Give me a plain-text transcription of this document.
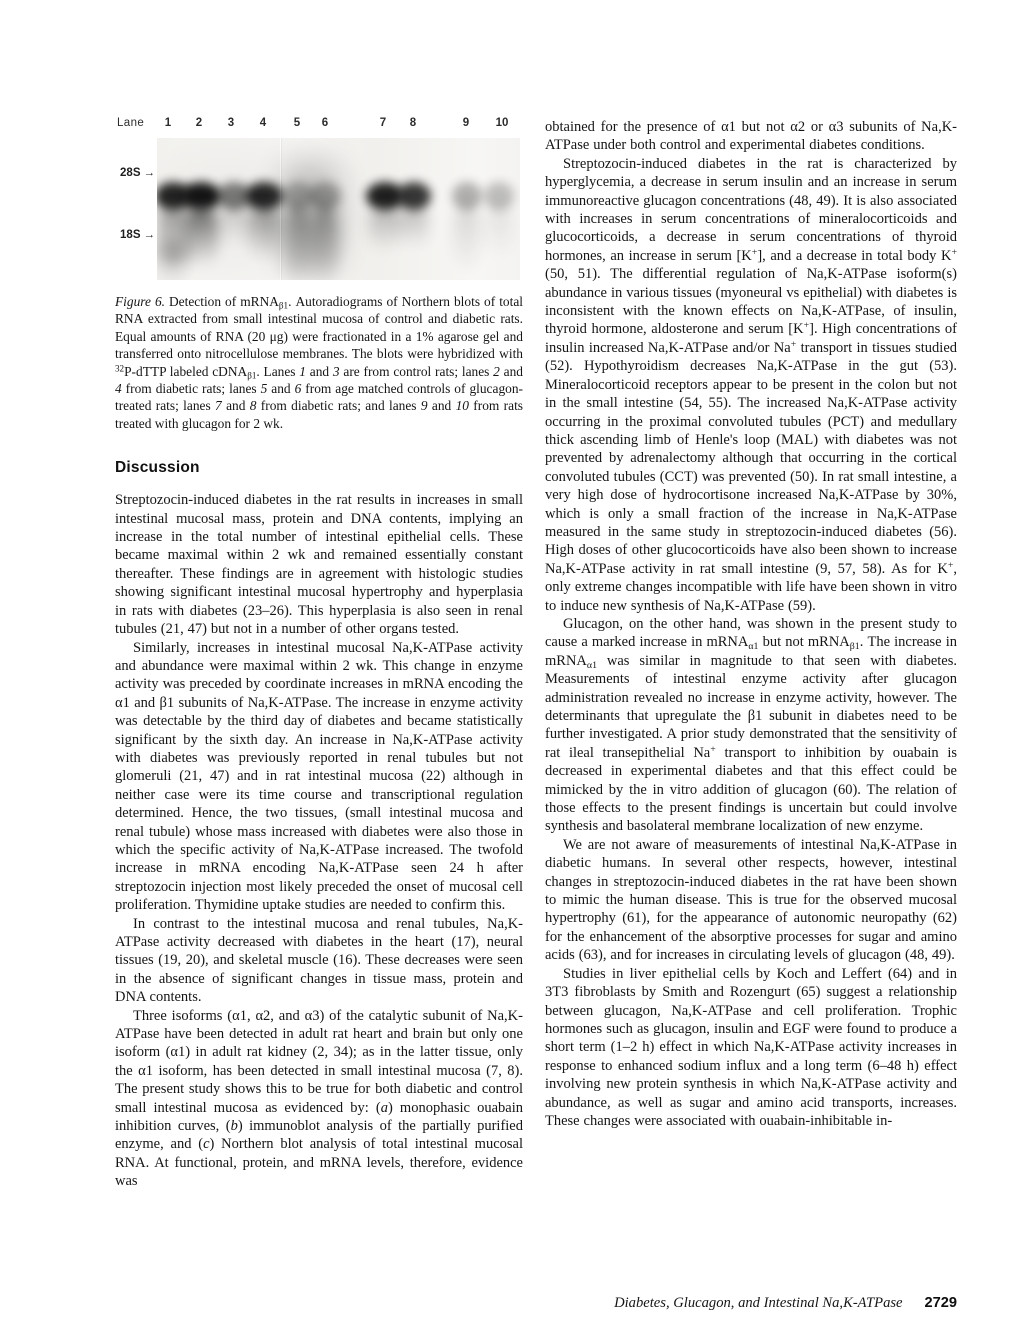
Lane 1 2 3 4 5 6	7 8	9 10
28S →
18S →

Figure 6. Detection of mRNA$_{\beta 1}$. Autoradiograms of Northern blots of total RNA extracted from small intestinal mucosa of control and diabetic rats. Equal amounts of RNA (20 μg) were fractionated in a 1% agarose gel and transferred onto nitrocellulose membranes. The blots were hybridized with $^{32}$P-dTTP labeled cDNA$_{\beta 1}$. Lanes 1 and 3 are from control rats; lanes 2 and 4 from diabetic rats; lanes 5 and 6 from age matched controls of glucagon-treated rats; lanes 7 and 8 from diabetic rats; and lanes 9 and 10 from rats treated with glucagon for 2 wk.

Discussion

Streptozocin-induced diabetes in the rat results in increases in small intestinal mucosal mass, protein and DNA contents, implying an increase in the total number of intestinal epithelial cells. These became maximal within 2 wk and remained essentially constant thereafter. These findings are in agreement with histologic studies showing significant intestinal mucosal hypertrophy and hyperplasia in rats with diabetes (23–26). This hyperplasia is also seen in renal tubules (21, 47) but not in a number of other organs tested.

Similarly, increases in intestinal mucosal Na,K-ATPase activity and abundance were maximal within 2 wk. This change in enzyme activity was preceded by coordinate increases in mRNA encoding the α1 and β1 subunits of Na,K-ATPase. The increase in enzyme activity was detectable by the third day of diabetes and became statistically significant by the sixth day. An increase in Na,K-ATPase activity with diabetes was previously reported in renal tubules but not glomeruli (21, 47) and in rat intestinal mucosa (22) although in neither case were its time course and transcriptional regulation determined. Hence, the two tissues, (small intestinal mucosa and renal tubule) whose mass increased with diabetes were also those in which the specific activity of Na,K-ATPase increased. The twofold increase in mRNA encoding Na,K-ATPase seen 24 h after streptozocin injection most likely preceded the onset of mucosal cell proliferation. Thymidine uptake studies are needed to confirm this.

In contrast to the intestinal mucosa and renal tubules, Na,K-ATPase activity decreased with diabetes in the heart (17), neural tissues (19, 20), and skeletal muscle (16). These decreases were seen in the absence of significant changes in tissue mass, protein and DNA contents.

Three isoforms (α1, α2, and α3) of the catalytic subunit of Na,K-ATPase have been detected in adult rat heart and brain but only one isoform (α1) in adult rat kidney (2, 34); as in the latter tissue, only the α1 isoform, has been detected in small intestinal mucosa (7, 8). The present study shows this to be true for both diabetic and control small intestinal mucosa as evidenced by: (a) monophasic ouabain inhibition curves, (b) immunoblot analysis of the partially purified enzyme, and (c) Northern blot analysis of total intestinal mucosal RNA. At functional, protein, and mRNA levels, therefore, evidence was

obtained for the presence of α1 but not α2 or α3 subunits of Na,K-ATPase under both control and experimental diabetes conditions.

Streptozocin-induced diabetes in the rat is characterized by hyperglycemia, a decrease in serum insulin and an increase in serum immunoreactive glucagon concentrations (48, 49). It is also associated with increases in serum concentrations of mineralocorticoids and glucocorticoids, a decrease in serum concentrations of thyroid hormones, an increase in serum [K+], and a decrease in total body K+ (50, 51). The differential regulation of Na,K-ATPase isoform(s) abundance in various tissues (myoneural vs epithelial) with diabetes is inconsistent with the known effects on Na,K-ATPase, of insulin, thyroid hormone, aldosterone and serum [K+]. High concentrations of insulin increased Na,K-ATPase and/or Na+ transport in tissues studied (52). Hypothyroidism decreases Na,K-ATPase in the gut (53). Mineralocorticoid receptors appear to be present in the colon but not in the small intestine (54, 55). The increased Na,K-ATPase activity occurring in the proximal convoluted tubules (PCT) and medullary thick ascending limb of Henle's loop (MAL) with diabetes was not prevented by adrenalectomy although that occurring in the cortical convoluted tubules (CCT) was prevented (50). In rat small intestine, a very high dose of hydrocortisone increased Na,K-ATPase by 30%, which is only a small fraction of the increase in Na,K-ATPase measured in the same study in streptozocin-induced diabetes (56). High doses of other glucocorticoids have also been shown to increase Na,K-ATPase activity in rat small intestine (9, 57, 58). As for K+, only extreme changes incompatible with life have been shown in vitro to induce new synthesis of Na,K-ATPase (59).

Glucagon, on the other hand, was shown in the present study to cause a marked increase in mRNA$_{\alpha 1}$ but not mRNA$_{\beta 1}$. The increase in mRNA$_{\alpha 1}$ was similar in magnitude to that seen with diabetes. Measurements of intestinal enzyme activity after glucagon administration revealed no increase in enzyme activity, however. The determinants that upregulate the β1 subunit in diabetes need to be further investigated. A prior study demonstrated that the sensitivity of rat ileal transepithelial Na+ transport to inhibition by ouabain is decreased in experimental diabetes and that this effect could be mimicked by the in vitro addition of glucagon (60). The relation of those effects to the present findings is uncertain but could involve synthesis and basolateral membrane localization of new enzyme.

We are not aware of measurements of intestinal Na,K-ATPase in diabetic humans. In several other respects, however, intestinal changes in streptozocin-induced diabetes in the rat have been shown to mimic the human disease. This is true for the observed mucosal hypertrophy (61), for the appearance of autonomic neuropathy (62) for the enhancement of the absorptive processes for sugar and amino acids (63), and for increases in circulating levels of glucagon (48, 49).

Studies in liver epithelial cells by Koch and Leffert (64) and in 3T3 fibroblasts by Smith and Rozengurt (65) suggest a relationship between glucagon, Na,K-ATPase and cell proliferation. Trophic hormones such as glucagon, insulin and EGF were found to produce a short term (1–2 h) effect in which Na,K-ATPase activity increases in response to enhanced sodium influx and a long term (6–48 h) effect involving new protein synthesis in which Na,K-ATPase activity and abundance, as well as sugar and amino acid transports, increases. These changes were associated with ouabain-inhibitable in-

Diabetes, Glucagon, and Intestinal Na,K-ATPase 2729
